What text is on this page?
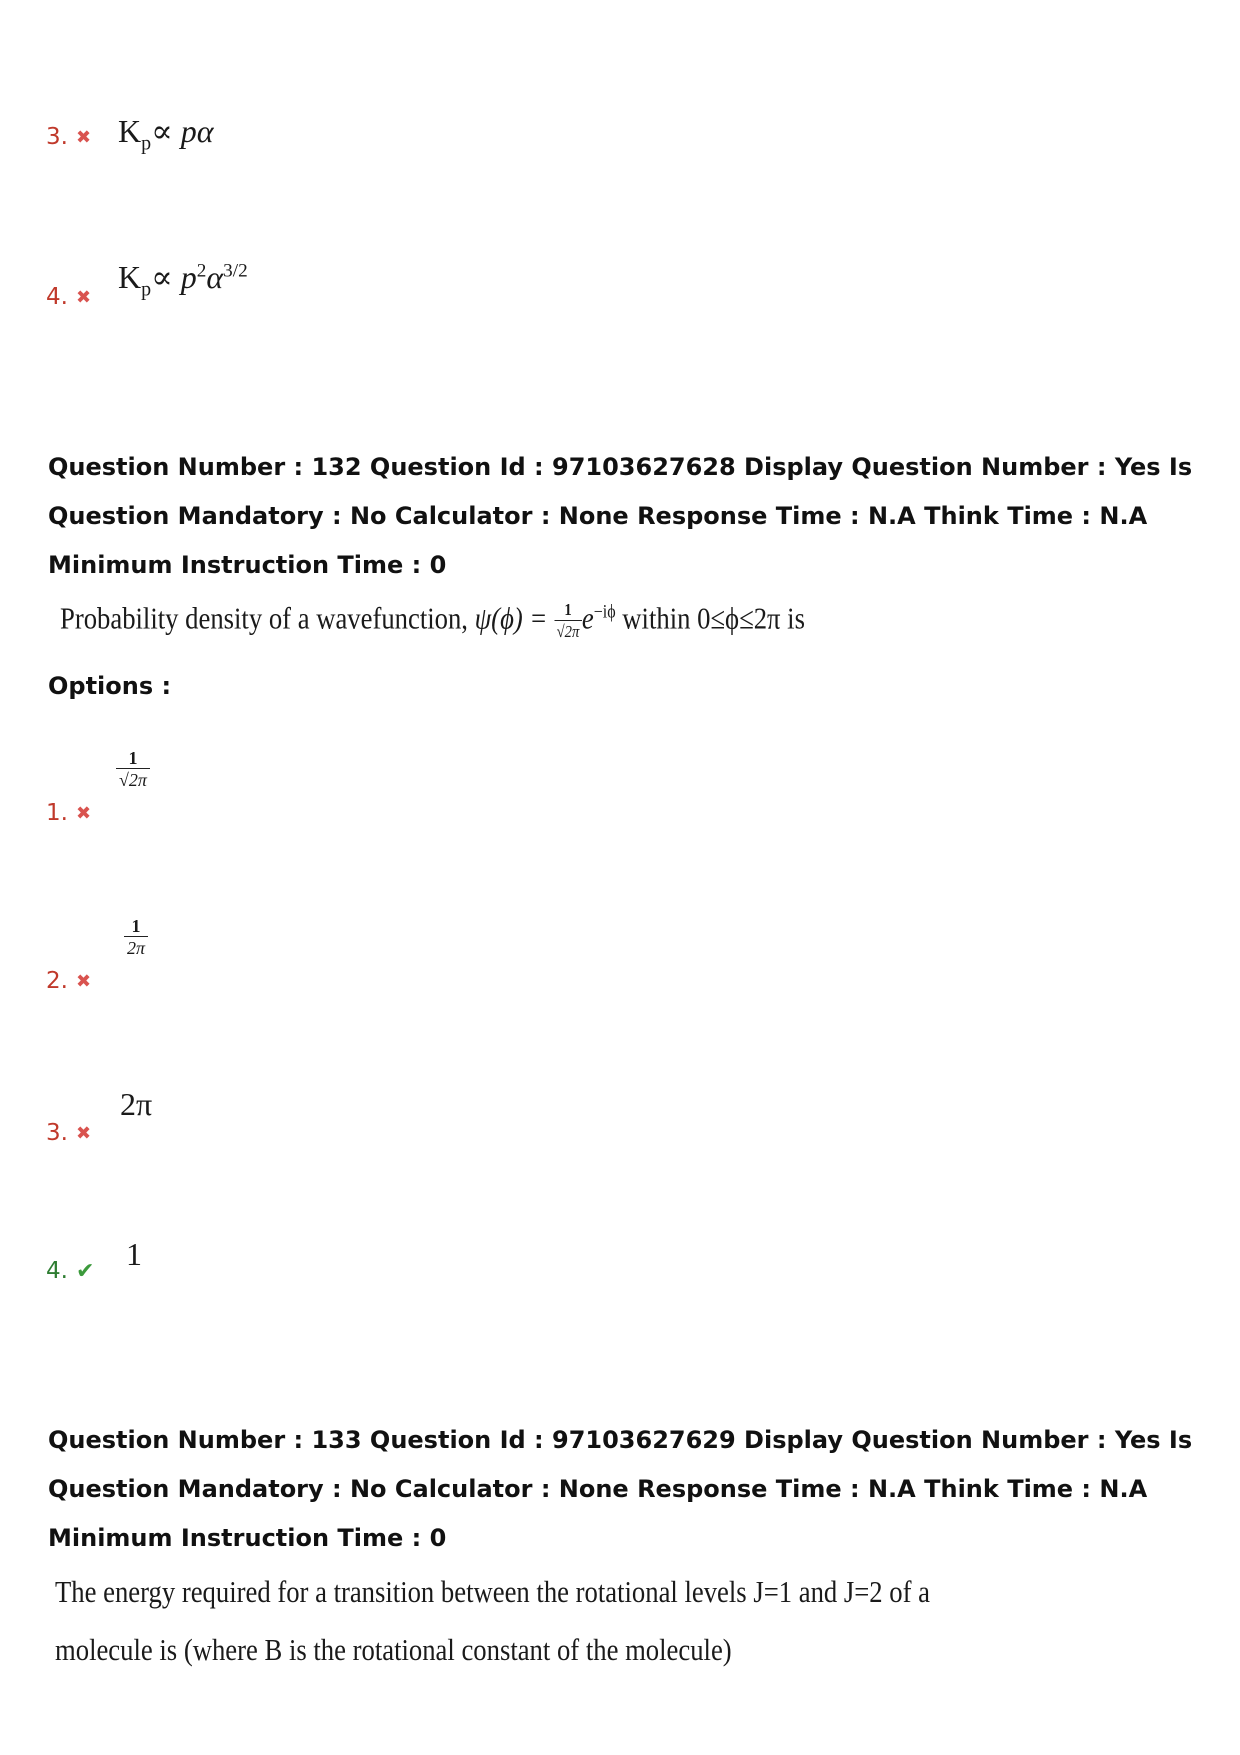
3. ✖ $K_p\propto p\alpha$
4. ✖
$K_p\propto p^2\alpha^{3/2}$
Question Number : 132 Question Id : 97103627628 Display Question Number : Yes Is Question Mandatory : No Calculator : None Response Time : N.A Think Time : N.A Minimum Instruction Time : 0
Probability density of a wavefunction, $\psi(\phi) = \frac{1}{√2\pi} e^{-i\phi}$ within 0≤ϕ≤2π is
Options :
$\frac{1}{√2\pi}$
1. ✖
$\frac{1}{2\pi}$
2. ✖
2π
3. ✖
1
4. ✔
Question Number : 133 Question Id : 97103627629 Display Question Number : Yes Is Question Mandatory : No Calculator : None Response Time : N.A Think Time : N.A Minimum Instruction Time : 0
The energy required for a transition between the rotational levels J=1 and J=2 of a
molecule is (where B is the rotational constant of the molecule)
